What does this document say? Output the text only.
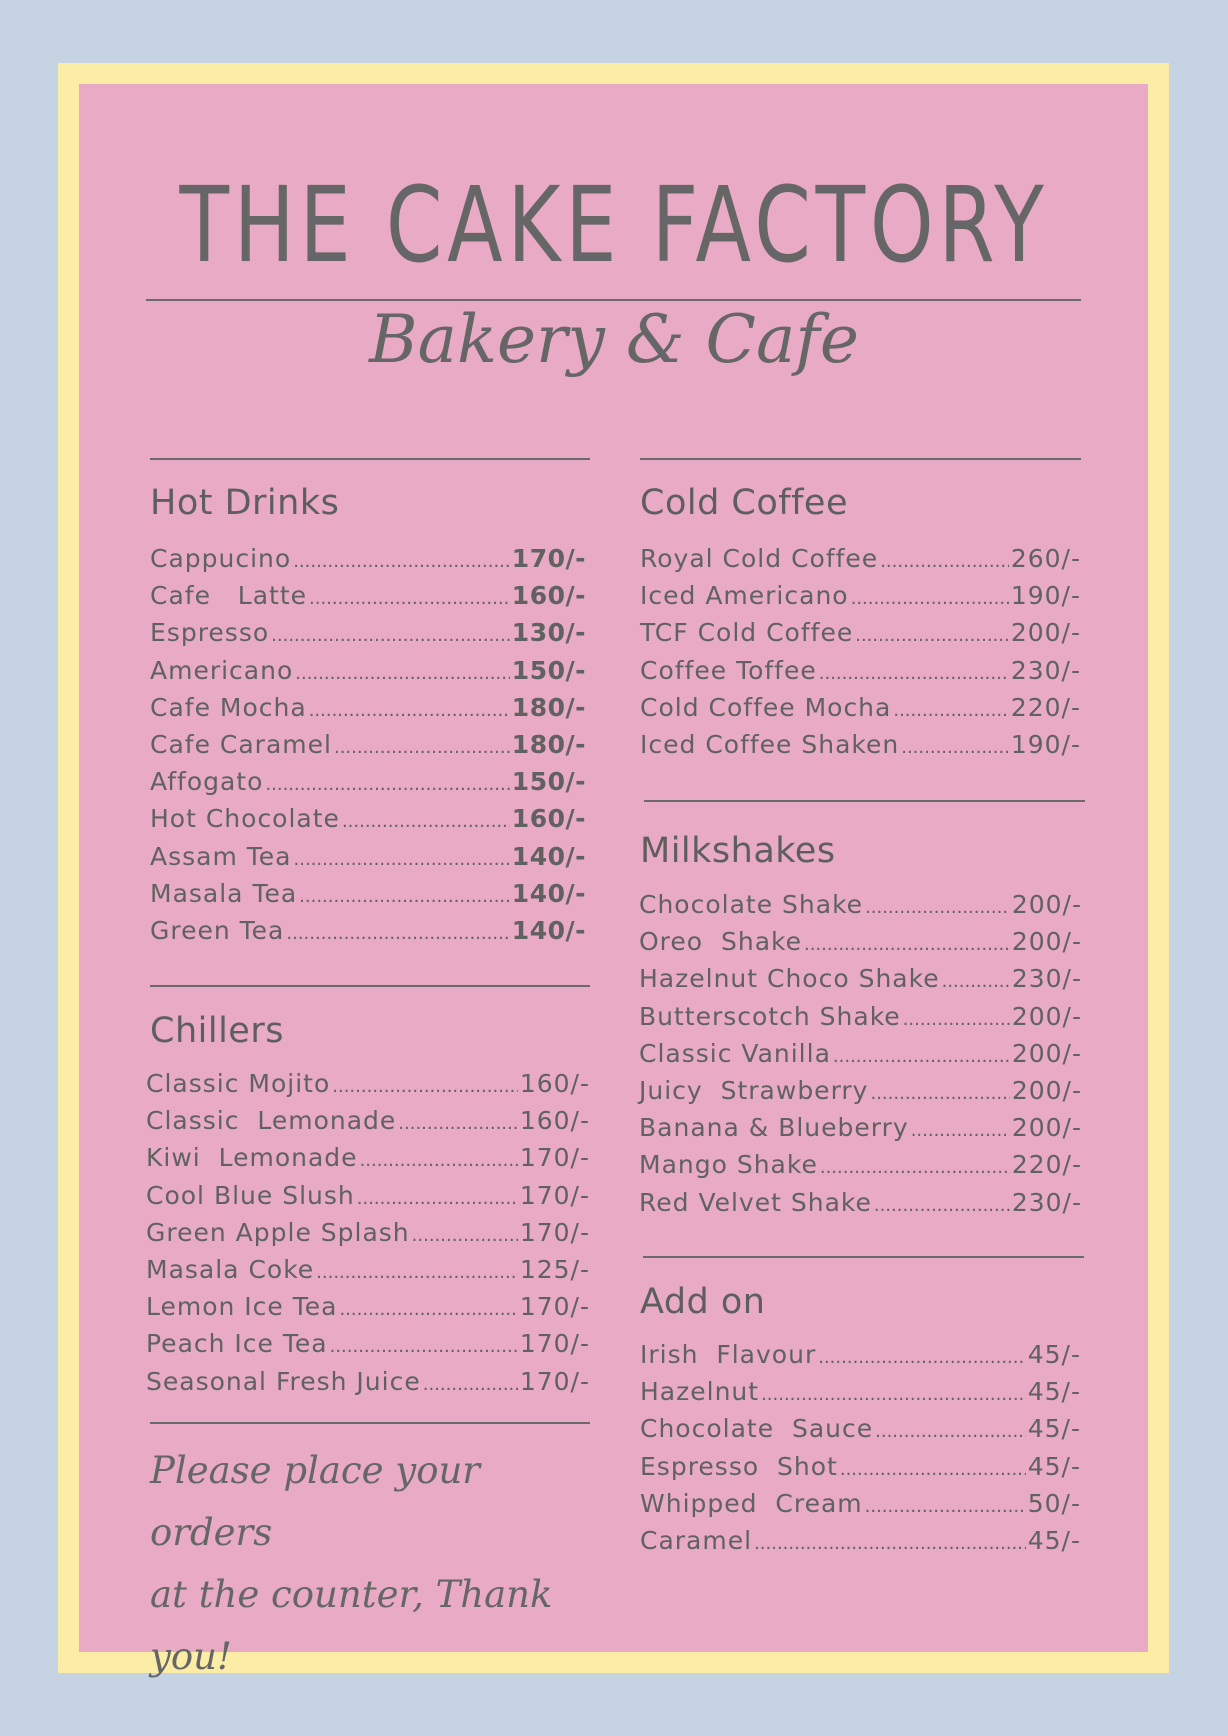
THE CAKE FACTORY
Bakery & Cafe
Hot Drinks
Chillers
Cold Coffee
Milkshakes
Add on
Cappucino .....	170/-
Cafe   Latte .....	160/-
Espresso .....	130/-
Americano .....	150/-
Cafe Mocha .....	180/-
Cafe Caramel .....	180/-
Affogato .....	150/-
Hot Chocolate .....	160/-
Assam Tea .....	140/-
Masala Tea .....	140/-
Green Tea .....	140/-
Classic Mojito .....	160/-
Classic  Lemonade .....	160/-
Kiwi  Lemonade .....	170/-
Cool Blue Slush .....	170/-
Green Apple Splash .....	170/-
Masala Coke .....	125/-
Lemon Ice Tea .....	170/-
Peach Ice Tea .....	170/-
Seasonal Fresh Juice .....	170/-
Royal Cold Coffee .....	260/-
Iced Americano .....	190/-
TCF Cold Coffee .....	200/-
Coffee Toffee .....	230/-
Cold Coffee Mocha .....	220/-
Iced Coffee Shaken .....	190/-
Chocolate Shake .....	200/-
Oreo  Shake .....	200/-
Hazelnut Choco Shake .....	230/-
Butterscotch Shake .....	200/-
Classic Vanilla .....	200/-
Juicy  Strawberry .....	200/-
Banana & Blueberry .....	200/-
Mango Shake .....	220/-
Red Velvet Shake .....	230/-
Irish  Flavour .....	45/-
Hazelnut .....	45/-
Chocolate  Sauce .....	45/-
Espresso  Shot .....	45/-
Whipped  Cream .....	50/-
Caramel .....	45/-
Please place your orders
at the counter, Thank you!
